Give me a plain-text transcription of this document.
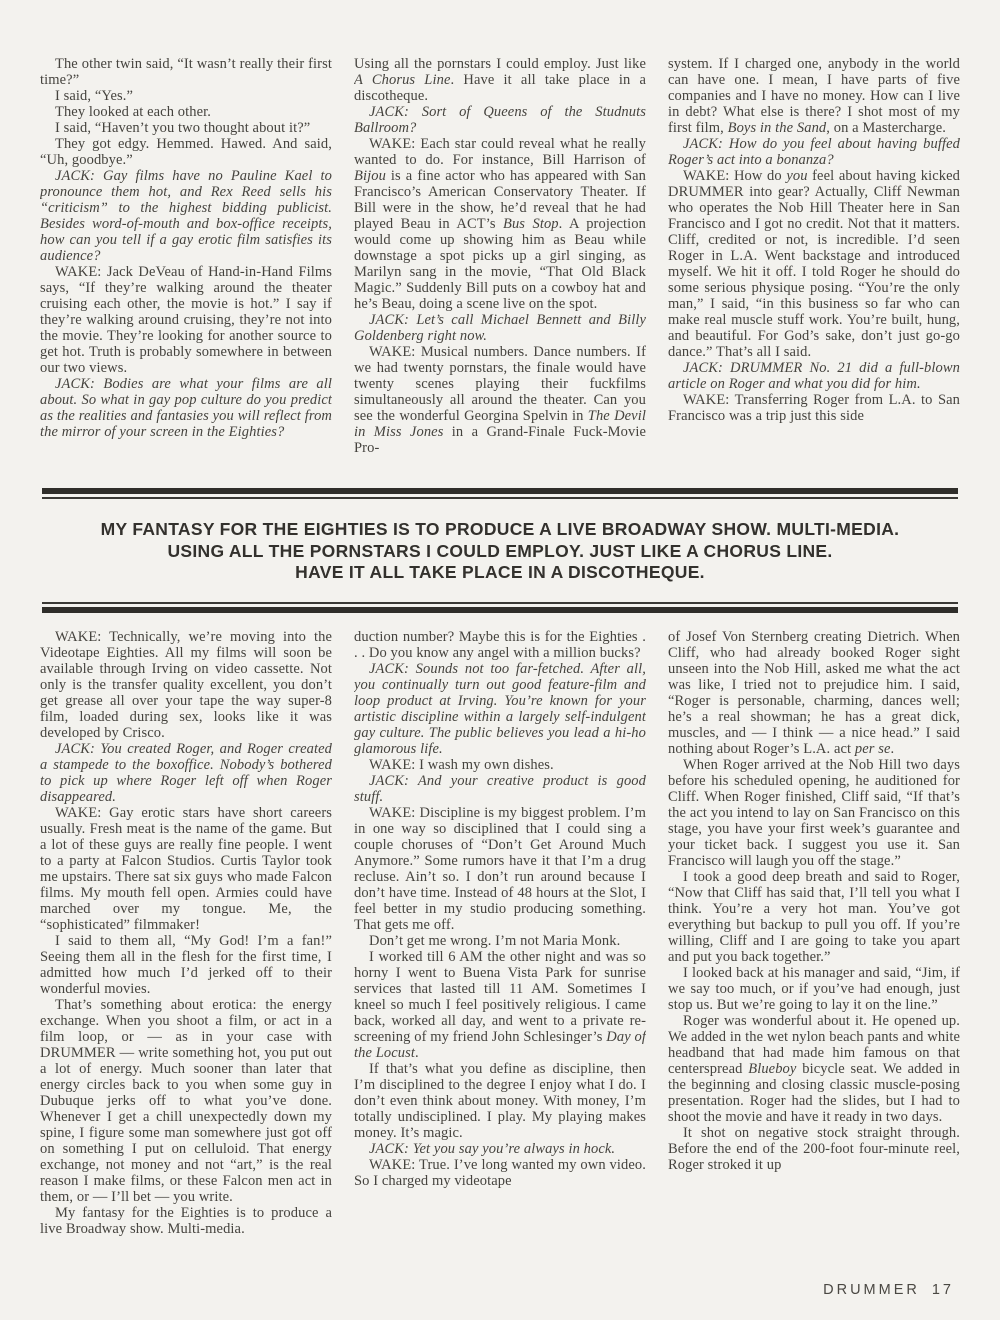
The other twin said, “It wasn’t really their first time?”

I said, “Yes.”

They looked at each other.

I said, “Haven’t you two thought about it?”

They got edgy. Hemmed. Hawed. And said, “Uh, goodbye.”

JACK: Gay films have no Pauline Kael to pronounce them hot, and Rex Reed sells his “criticism” to the highest bidding publicist. Besides word-of-mouth and box-office receipts, how can you tell if a gay erotic film satisfies its audience?

WAKE: Jack DeVeau of Hand-in-Hand Films says, “If they’re walking around the theater cruising each other, the movie is hot.” I say if they’re walking around cruising, they’re not into the movie. They’re looking for another source to get hot. Truth is probably somewhere in between our two views.

JACK: Bodies are what your films are all about. So what in gay pop culture do you predict as the realities and fantasies you will reflect from the mirror of your screen in the Eighties?

Using all the pornstars I could employ. Just like A Chorus Line. Have it all take place in a discotheque.

JACK: Sort of Queens of the Studnuts Ballroom?

WAKE: Each star could reveal what he really wanted to do. For instance, Bill Harrison of Bijou is a fine actor who has appeared with San Francisco’s American Conservatory Theater. If Bill were in the show, he’d reveal that he had played Beau in ACT’s Bus Stop. A projection would come up showing him as Beau while downstage a spot picks up a girl singing, as Marilyn sang in the movie, “That Old Black Magic.” Suddenly Bill puts on a cowboy hat and he’s Beau, doing a scene live on the spot.

JACK: Let’s call Michael Bennett and Billy Goldenberg right now.

WAKE: Musical numbers. Dance numbers. If we had twenty pornstars, the finale would have twenty scenes playing their fuckfilms simultaneously all around the theater. Can you see the wonderful Georgina Spelvin in The Devil in Miss Jones in a Grand-Finale Fuck-Movie Pro-

system. If I charged one, anybody in the world can have one. I mean, I have parts of five companies and I have no money. How can I live in debt? What else is there? I shot most of my first film, Boys in the Sand, on a Mastercharge.

JACK: How do you feel about having buffed Roger’s act into a bonanza?

WAKE: How do you feel about having kicked DRUMMER into gear? Actually, Cliff Newman who operates the Nob Hill Theater here in San Francisco and I got no credit. Not that it matters. Cliff, credited or not, is incredible. I’d seen Roger in L.A. Went backstage and introduced myself. We hit it off. I told Roger he should do some serious physique posing. “You’re the only man,” I said, “in this business so far who can make real muscle stuff work. You’re built, hung, and beautiful. For God’s sake, don’t just go-go dance.” That’s all I said.

JACK: DRUMMER No. 21 did a full-blown article on Roger and what you did for him.

WAKE: Transferring Roger from L.A. to San Francisco was a trip just this side

MY FANTASY FOR THE EIGHTIES IS TO PRODUCE A LIVE BROADWAY SHOW. MULTI-MEDIA.
USING ALL THE PORNSTARS I COULD EMPLOY. JUST LIKE A CHORUS LINE.
HAVE IT ALL TAKE PLACE IN A DISCOTHEQUE.

WAKE: Technically, we’re moving into the Videotape Eighties. All my films will soon be available through Irving on video cassette. Not only is the transfer quality excellent, you don’t get grease all over your tape the way super-8 film, loaded during sex, looks like it was developed by Crisco.

JACK: You created Roger, and Roger created a stampede to the boxoffice. Nobody’s bothered to pick up where Roger left off when Roger disappeared.

WAKE: Gay erotic stars have short careers usually. Fresh meat is the name of the game. But a lot of these guys are really fine people. I went to a party at Falcon Studios. Curtis Taylor took me upstairs. There sat six guys who made Falcon films. My mouth fell open. Armies could have marched over my tongue. Me, the “sophisticated” filmmaker!

I said to them all, “My God! I’m a fan!” Seeing them all in the flesh for the first time, I admitted how much I’d jerked off to their wonderful movies.

That’s something about erotica: the energy exchange. When you shoot a film, or act in a film loop, or — as in your case with DRUMMER — write something hot, you put out a lot of energy. Much sooner than later that energy circles back to you when some guy in Dubuque jerks off to what you’ve done. Whenever I get a chill unexpectedly down my spine, I figure some man somewhere just got off on something I put on celluloid. That energy exchange, not money and not “art,” is the real reason I make films, or these Falcon men act in them, or — I’ll bet — you write.

My fantasy for the Eighties is to produce a live Broadway show. Multi-media.

duction number? Maybe this is for the Eighties . . . Do you know any angel with a million bucks?

JACK: Sounds not too far-fetched. After all, you continually turn out good feature-film and loop product at Irving. You’re known for your artistic discipline within a largely self-indulgent gay culture. The public believes you lead a hi-ho glamorous life.

WAKE: I wash my own dishes.

JACK: And your creative product is good stuff.

WAKE: Discipline is my biggest problem. I’m in one way so disciplined that I could sing a couple choruses of “Don’t Get Around Much Anymore.” Some rumors have it that I’m a drug recluse. Ain’t so. I don’t run around because I don’t have time. Instead of 48 hours at the Slot, I feel better in my studio producing something. That gets me off.

Don’t get me wrong. I’m not Maria Monk.

I worked till 6 AM the other night and was so horny I went to Buena Vista Park for sunrise services that lasted till 11 AM. Sometimes I kneel so much I feel positively religious. I came back, worked all day, and went to a private re-screening of my friend John Schlesinger’s Day of the Locust.

If that’s what you define as discipline, then I’m disciplined to the degree I enjoy what I do. I don’t even think about money. With money, I’m totally undisciplined. I play. My playing makes money. It’s magic.

JACK: Yet you say you’re always in hock.

WAKE: True. I’ve long wanted my own video. So I charged my videotape

of Josef Von Sternberg creating Dietrich. When Cliff, who had already booked Roger sight unseen into the Nob Hill, asked me what the act was like, I tried not to prejudice him. I said, “Roger is personable, charming, dances well; he’s a real showman; he has a great dick, muscles, and — I think — a nice head.” I said nothing about Roger’s L.A. act per se.

When Roger arrived at the Nob Hill two days before his scheduled opening, he auditioned for Cliff. When Roger finished, Cliff said, “If that’s the act you intend to lay on San Francisco on this stage, you have your first week’s guarantee and your ticket back. I suggest you use it. San Francisco will laugh you off the stage.”

I took a good deep breath and said to Roger, “Now that Cliff has said that, I’ll tell you what I think. You’re a very hot man. You’ve got everything but backup to pull you off. If you’re willing, Cliff and I are going to take you apart and put you back together.”

I looked back at his manager and said, “Jim, if we say too much, or if you’ve had enough, just stop us. But we’re going to lay it on the line.”

Roger was wonderful about it. He opened up. We added in the wet nylon beach pants and white headband that had made him famous on that centerspread Blueboy bicycle seat. We added in the beginning and closing classic muscle-posing presentation. Roger had the slides, but I had to shoot the movie and have it ready in two days.

It shot on negative stock straight through. Before the end of the 200-foot four-minute reel, Roger stroked it up

DRUMMER 17
